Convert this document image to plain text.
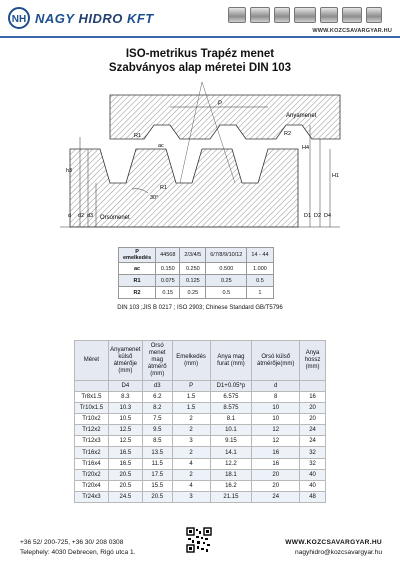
NH NAGY HIDRO KFT
WWW.KOZCSAVARGYAR.HU
ISO-metrikus Trapéz menet
Szabványos alap méretei DIN 103
Anyamenet
Orsómenet
30°
P
R1	R2
R1
ac
h3
H1
H4
d d2 d3	D1 D2 D4
P emelkedés	44568	2/3/4/5	6/7/8/9/10/12	14 - 44
ac	0.150	0.250	0.500	1.000
R1	0.075	0.125	0.25	0.5
R2	0.15	0.25	0.5	1
DIN 103 ;JIS B 0217 ; ISO 2903; Chinese Standard GB/T5796
Méret	Anyamenet külső átmérője (mm)	Orsó menet mag átmérő (mm)	Emelkedés (mm)	Anya mag furat (mm)	Orsó külső átmérője(mm)	Anya hossz (mm)
	D4	d3	P	D1+0.05*p	d	
Tr8x1.5	8.3	6.2	1.5	6.575	8	16
Tr10x1.5	10.3	8.2	1.5	8.575	10	20
Tr10x2	10.5	7.5	2	8.1	10	20
Tr12x2	12.5	9.5	2	10.1	12	24
Tr12x3	12.5	8.5	3	9.15	12	24
Tr16x2	16.5	13.5	2	14.1	16	32
Tr16x4	16.5	11.5	4	12.2	16	32
Tr20x2	20.5	17.5	2	18.1	20	40
Tr20x4	20.5	15.5	4	16.2	20	40
Tr24x3	24.5	20.5	3	21.15	24	48
+36 52/ 200-725, +36 30/ 208 0308
Telephely: 4030 Debrecen, Rigó utca 1.
WWW.KOZCSAVARGYAR.HU
nagyhidro@kozcsavargyar.hu
